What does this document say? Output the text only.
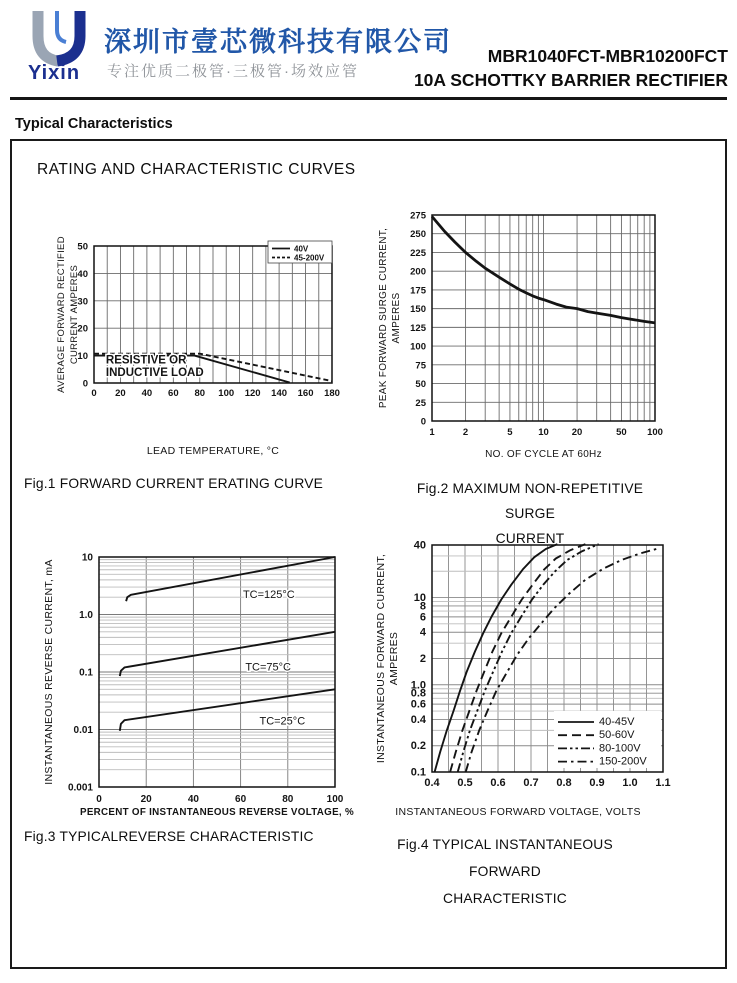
Yixin
深圳市壹芯微科技有限公司
专注优质二极管·三极管·场效应管
MBR1040FCT-MBR10200FCT
10A SCHOTTKY BARRIER RECTIFIER
Typical Characteristics
RATING AND CHARACTERISTIC CURVES
0 20 40 60 80 100 120 140 160 180
0
10
20
30
40
50
LEAD TEMPERATURE, °C
AVERAGE FORWARD RECTIFIED CURRENT AMPERES RESISTIVE OR
INDUCTIVE LOAD
40V
45-200V
1	2	5	10 20	50 100
0
25
50
75
100
125
150
175
200
225
250
275
NO. OF CYCLE AT 60Hz
PEAK FORWARD SURGE CURRENT, AMPERES
0	20	40	60	80	100
10
1.0
0.1
0.01
0.001
PERCENT OF INSTANTANEOUS REVERSE VOLTAGE, %
INSTANTANEOUS REVERSE CURRENT, mA	TC=125°C
TC=75°C
TC=25°C
0.4 0.5 0.6 0.7 0.8 0.9 1.0 1.1
0.1
0.2
0.4
0.6
0.8
1.0
2
4
6
8
10
40
INSTANTANEOUS FORWARD VOLTAGE, VOLTS
INSTANTANEOUS FORWARD CURRENT, AMPERES
40-45V
50-60V
80-100V
150-200V
Fig.1 FORWARD CURRENT ERATING CURVE	Fig.2 MAXIMUM NON-REPETITIVE SURGE
CURRENT
Fig.3 TYPICALREVERSE CHARACTERISTIC
Fig.4 TYPICAL INSTANTANEOUS FORWARD
CHARACTERISTIC
